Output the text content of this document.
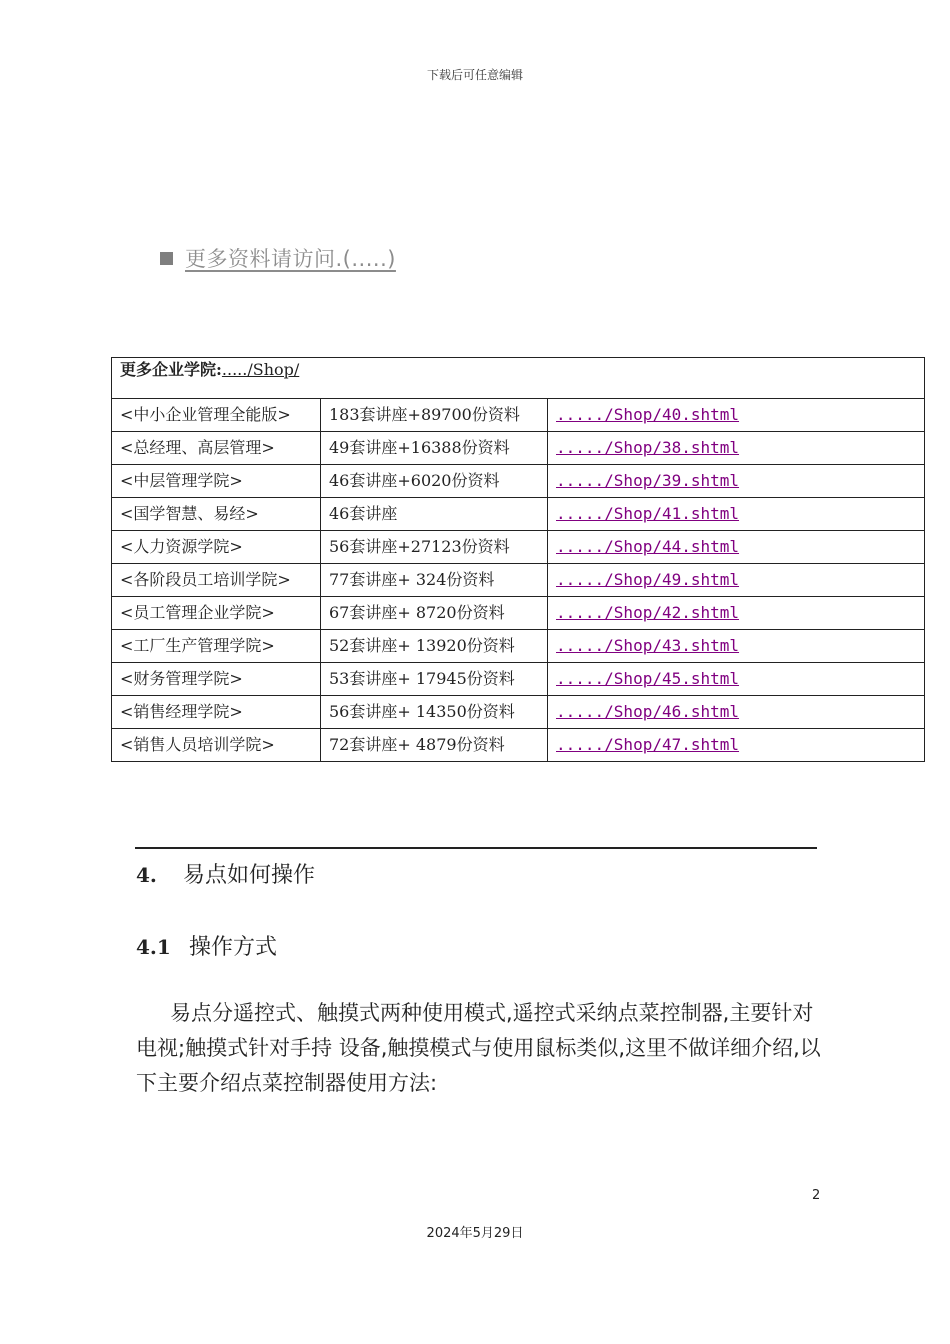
下载后可任意编辑
更多资料请访问.(.....)
更多企业学院:...../Shop/		
<中小企业管理全能版>	183套讲座+89700份资料	...../Shop/40.shtml
<总经理、高层管理>	49套讲座+16388份资料	...../Shop/38.shtml
<中层管理学院>	46套讲座+6020份资料	...../Shop/39.shtml
<国学智慧、易经>	46套讲座	...../Shop/41.shtml
<人力资源学院>	56套讲座+27123份资料	...../Shop/44.shtml
<各阶段员工培训学院>	77套讲座+ 324份资料	...../Shop/49.shtml
<员工管理企业学院>	67套讲座+ 8720份资料	...../Shop/42.shtml
<工厂生产管理学院>	52套讲座+ 13920份资料	...../Shop/43.shtml
<财务管理学院>	53套讲座+ 17945份资料	...../Shop/45.shtml
<销售经理学院>	56套讲座+ 14350份资料	...../Shop/46.shtml
<销售人员培训学院>	72套讲座+ 4879份资料	...../Shop/47.shtml
4. 易点如何操作
4.1 操作方式
易点分遥控式、触摸式两种使用模式,遥控式采纳点菜控制器,主要针对电视;触摸式针对手持 设备,触摸模式与使用鼠标类似,这里不做详细介绍,以下主要介绍点菜控制器使用方法:
2
2024年5月29日
